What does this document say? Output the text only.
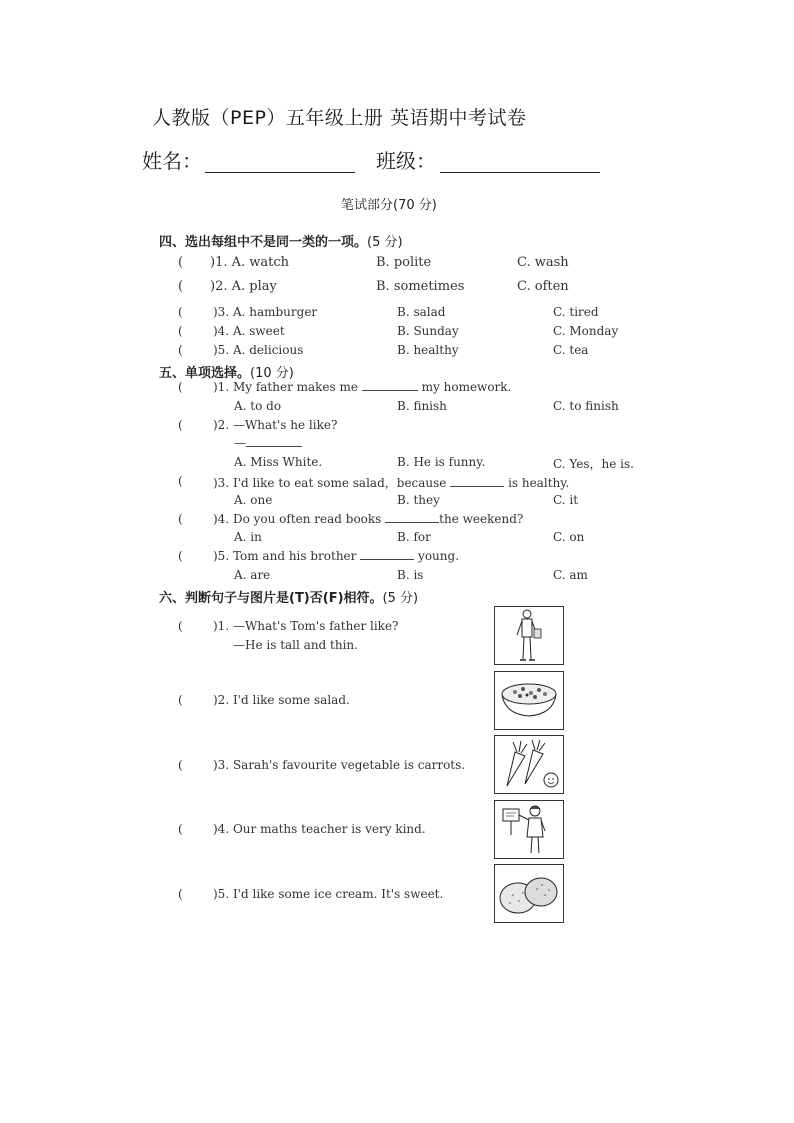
人教版（PEP）五年级上册 英语期中考试卷
姓名：	班级：
笔试部分(70 分)
四、选出每组中不是同一类的一项。(5 分)
( )1. A. watch	B. polite	C. wash
( )2. A. play	B. sometimes	C. often
(	)3. A. hamburger	B. salad	C. tired
(	)4. A. sweet	B. Sunday	C. Monday
(	)5. A. delicious	B. healthy	C. tea
五、单项选择。(10 分)
(	)1. My father makes me	my homework.
A. to do	B. finish	C. to finish
(	)2. —What's he like?
—
A. Miss White.	B. He is funny.	C. Yes，he is.
(	)3. I'd like to eat some salad，because	is healthy.
A. one	B. they	C. it
(	)4. Do you often read books	the weekend?
A. in	B. for	C. on
(	)5. Tom and his brother	young.
A. are	B. is	C. am
六、判断句子与图片是(T)否(F)相符。(5 分)
(	)1. —What's Tom's father like?
—He is tall and thin.
(	)2. I'd like some salad.
(	)3. Sarah's favourite vegetable is carrots.
(	)4. Our maths teacher is very kind.
(	)5. I'd like some ice cream. It's sweet.
